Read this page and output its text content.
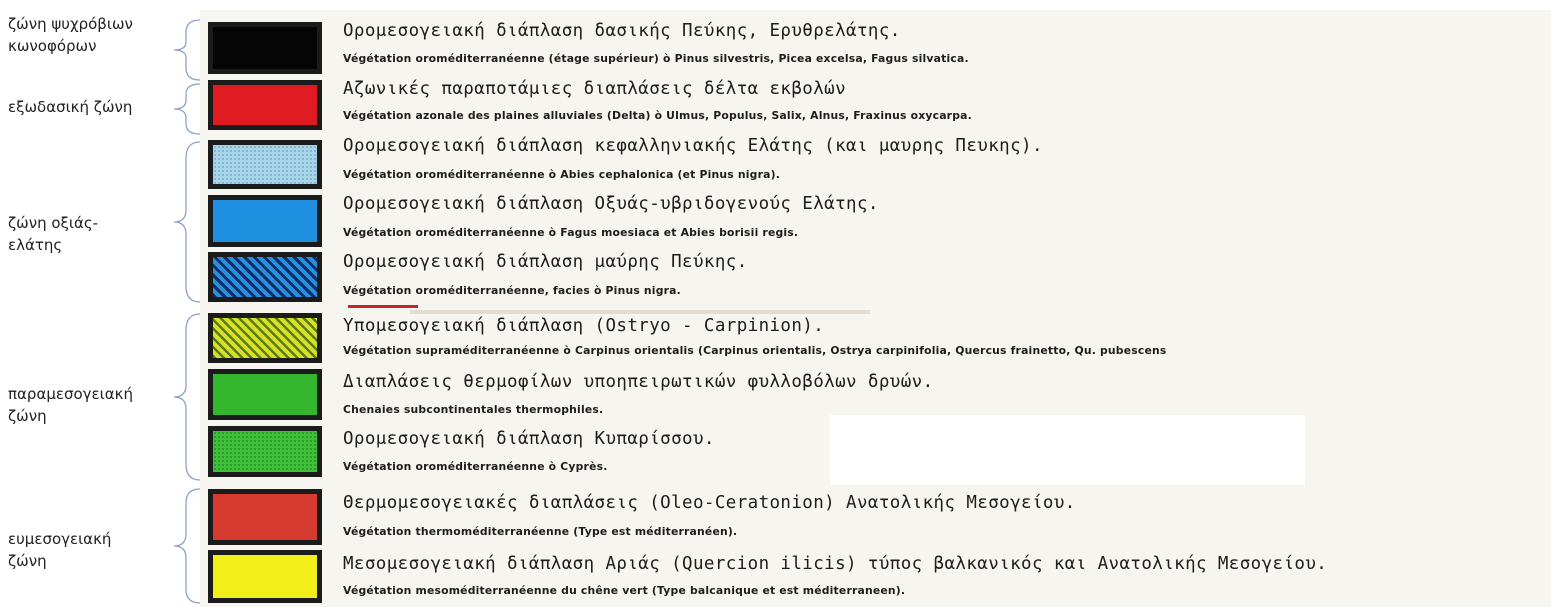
ζώνη ψυχρόβιων
κωνοφόρων
εξωδασική ζώνη
ζώνη οξιάς-
ελάτης
παραμεσογειακή
ζώνη
ευμεσογειακή
ζώνη
Ορομεσογειακή διάπλαση δασικής Πεύκης, Ερυθρελάτης.
Végétation oroméditerranéenne (étage supérieur) ò Pinus silvestris, Picea excelsa, Fagus silvatica.
Αζωνικές παραποτάμιες διαπλάσεις δέλτα εκβολών
Végétation azonale des plaines alluviales (Delta) ò Ulmus, Populus, Salix, Alnus, Fraxinus oxycarpa.
Ορομεσογειακή διάπλαση κεφαλληνιακής Ελάτης (και μαυρης Πευκης).
Végétation oroméditerranéenne ò Abies cephalonica (et Pinus nigra).
Ορομεσογειακή διάπλαση Οξυάς-υβριδογενούς Ελάτης.
Végétation oroméditerranéenne ò Fagus moesiaca et Abies borisii regis.
Ορομεσογειακή διάπλαση μαύρης Πεύκης.
Végétation oroméditerranéenne, facies ò Pinus nigra.
Υπομεσογειακή διάπλαση (Ostryo - Carpinion).
Végétation supraméditerranéenne ò Carpinus orientalis (Carpinus orientalis, Ostrya carpinifolia, Quercus frainetto, Qu. pubescens
Διαπλάσεις θερμοφίλων υποηπειρωτικών φυλλοβόλων δρυών.
Chenaies subcontinentales thermophiles.
Ορομεσογειακή διάπλαση Κυπαρίσσου.
Végétation oroméditerranéenne ò Cyprès.
Θερμομεσογειακές διαπλάσεις (Oleo-Ceratonion) Ανατολικής Μεσογείου.
Végétation thermoméditerranéenne (Type est méditerranéen).
Μεσομεσογειακή διάπλαση Αριάς (Quercion ilicis) τύπος βαλκανικός και Ανατολικής Μεσογείου.
Végétation mesoméditerranéenne du chêne vert (Type balcanique et est méditerraneen).
